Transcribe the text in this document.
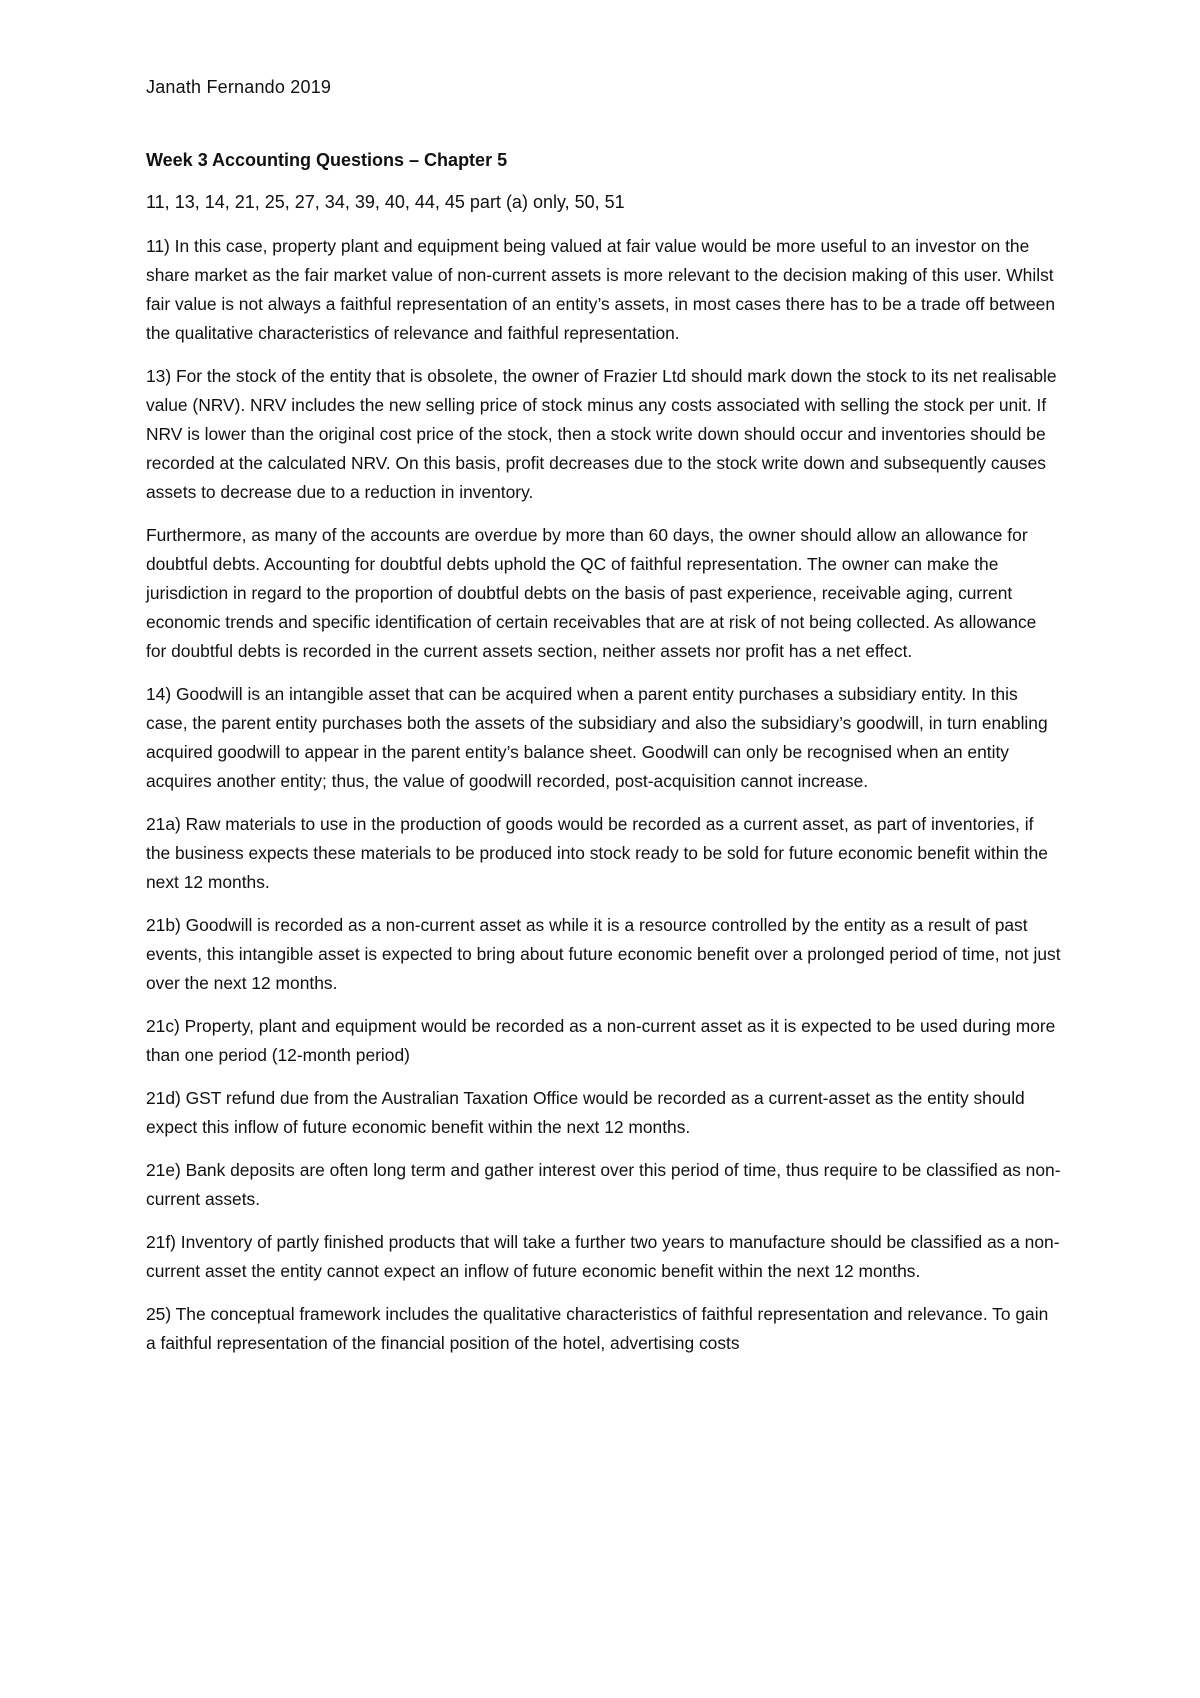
Janath Fernando 2019
Week 3 Accounting Questions – Chapter 5
11, 13, 14, 21, 25, 27, 34, 39, 40, 44, 45 part (a) only, 50, 51

11) In this case, property plant and equipment being valued at fair value would be more useful to an investor on the share market as the fair market value of non-current assets is more relevant to the decision making of this user. Whilst fair value is not always a faithful representation of an entity’s assets, in most cases there has to be a trade off between the qualitative characteristics of relevance and faithful representation.

13) For the stock of the entity that is obsolete, the owner of Frazier Ltd should mark down the stock to its net realisable value (NRV). NRV includes the new selling price of stock minus any costs associated with selling the stock per unit. If NRV is lower than the original cost price of the stock, then a stock write down should occur and inventories should be recorded at the calculated NRV. On this basis, profit decreases due to the stock write down and subsequently causes assets to decrease due to a reduction in inventory.

Furthermore, as many of the accounts are overdue by more than 60 days, the owner should allow an allowance for doubtful debts. Accounting for doubtful debts uphold the QC of faithful representation. The owner can make the jurisdiction in regard to the proportion of doubtful debts on the basis of past experience, receivable aging, current economic trends and specific identification of certain receivables that are at risk of not being collected. As allowance for doubtful debts is recorded in the current assets section, neither assets nor profit has a net effect.

14) Goodwill is an intangible asset that can be acquired when a parent entity purchases a subsidiary entity. In this case, the parent entity purchases both the assets of the subsidiary and also the subsidiary’s goodwill, in turn enabling acquired goodwill to appear in the parent entity’s balance sheet. Goodwill can only be recognised when an entity acquires another entity; thus, the value of goodwill recorded, post-acquisition cannot increase.

21a) Raw materials to use in the production of goods would be recorded as a current asset, as part of inventories, if the business expects these materials to be produced into stock ready to be sold for future economic benefit within the next 12 months.

21b) Goodwill is recorded as a non-current asset as while it is a resource controlled by the entity as a result of past events, this intangible asset is expected to bring about future economic benefit over a prolonged period of time, not just over the next 12 months.

21c) Property, plant and equipment would be recorded as a non-current asset as it is expected to be used during more than one period (12-month period)

21d) GST refund due from the Australian Taxation Office would be recorded as a current-asset as the entity should expect this inflow of future economic benefit within the next 12 months.

21e) Bank deposits are often long term and gather interest over this period of time, thus require to be classified as non-current assets.

21f) Inventory of partly finished products that will take a further two years to manufacture should be classified as a non-current asset the entity cannot expect an inflow of future economic benefit within the next 12 months.

25) The conceptual framework includes the qualitative characteristics of faithful representation and relevance. To gain a faithful representation of the financial position of the hotel, advertising costs
